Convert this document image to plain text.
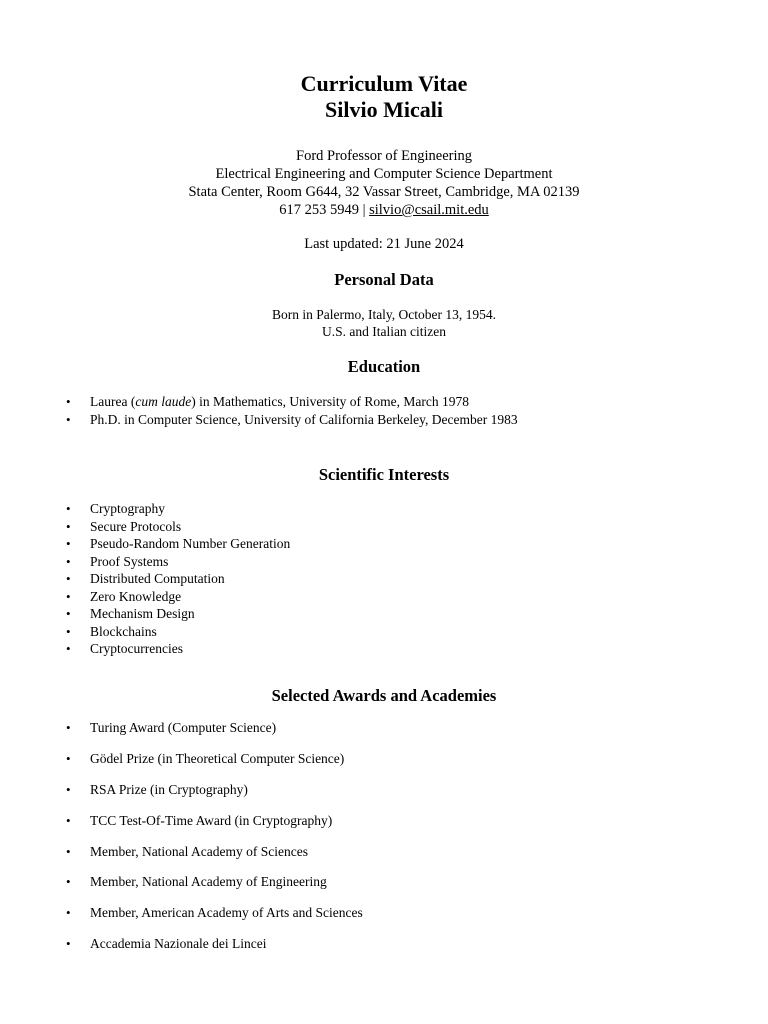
Curriculum Vitae
Silvio Micali
Ford Professor of Engineering
Electrical Engineering and Computer Science Department
Stata Center, Room G644, 32 Vassar Street, Cambridge, MA 02139
617 253 5949 | silvio@csail.mit.edu
Last updated: 21 June 2024
Personal Data
Born in Palermo, Italy, October 13, 1954.
U.S. and Italian citizen
Education
• Laurea (cum laude) in Mathematics, University of Rome, March 1978
• Ph.D. in Computer Science, University of California Berkeley, December 1983
Scientific Interests
• Cryptography
• Secure Protocols
• Pseudo-Random Number Generation
• Proof Systems
• Distributed Computation
• Zero Knowledge
• Mechanism Design
• Blockchains
• Cryptocurrencies
Selected Awards and Academies
• Turing Award (Computer Science)
• Gödel Prize (in Theoretical Computer Science)
• RSA Prize (in Cryptography)
• TCC Test-Of-Time Award (in Cryptography)
• Member, National Academy of Sciences
• Member, National Academy of Engineering
• Member, American Academy of Arts and Sciences
• Accademia Nazionale dei Lincei
